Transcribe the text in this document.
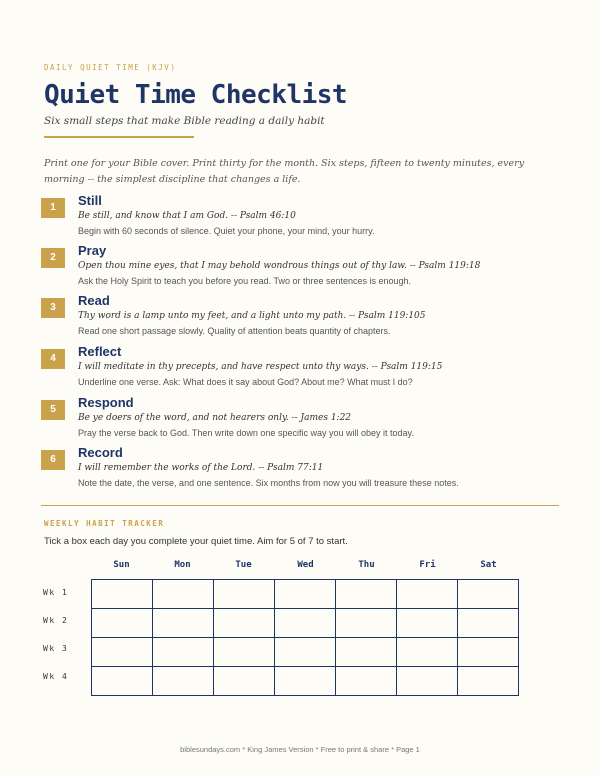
DAILY QUIET TIME (KJV)
Quiet Time Checklist
Six small steps that make Bible reading a daily habit
Print one for your Bible cover. Print thirty for the month. Six steps, fifteen to twenty minutes, every morning -- the simplest discipline that changes a life.
1	Still
Be still, and know that I am God. -- Psalm 46:10
Begin with 60 seconds of silence. Quiet your phone, your mind, your hurry.
2	Pray
Open thou mine eyes, that I may behold wondrous things out of thy law. -- Psalm 119:18
Ask the Holy Spirit to teach you before you read. Two or three sentences is enough.
3	Read
Thy word is a lamp unto my feet, and a light unto my path. -- Psalm 119:105
Read one short passage slowly. Quality of attention beats quantity of chapters.
4	Reflect
I will meditate in thy precepts, and have respect unto thy ways. -- Psalm 119:15
Underline one verse. Ask: What does it say about God? About me? What must I do?
5	Respond
Be ye doers of the word, and not hearers only. -- James 1:22
Pray the verse back to God. Then write down one specific way you will obey it today.
6	Record
I will remember the works of the Lord. -- Psalm 77:11
Note the date, the verse, and one sentence. Six months from now you will treasure these notes.
WEEKLY HABIT TRACKER
Tick a box each day you complete your quiet time. Aim for 5 of 7 to start.
Sun	Mon	Tue	Wed	Thu	Fri	Sat
Wk 1
Wk 2
Wk 3
Wk 4

biblesundays.com * King James Version * Free to print & share * Page 1
